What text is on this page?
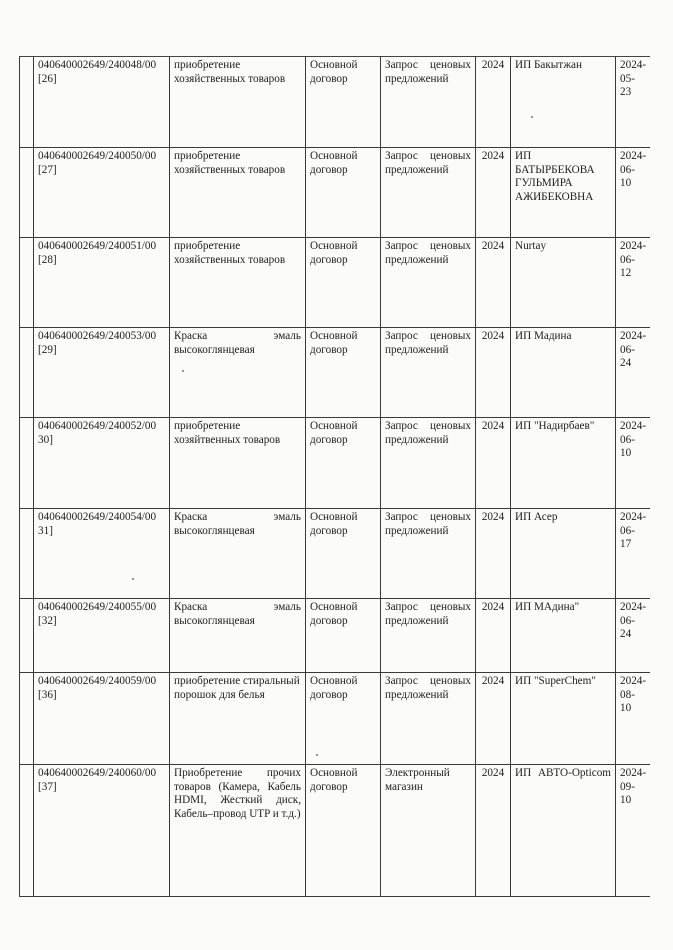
	040640002649/240048/00 [26]	приобретение хозяйственных товаров	Основной договор	Запрос ценовых предложений	2024	ИП Бакытжан	2024-05-23
	040640002649/240050/00 [27]	приобретение хозяйственных товаров	Основной договор	Запрос ценовых предложений	2024	ИП БАТЫРБЕКОВА ГУЛЬМИРА АЖИБЕКОВНА	2024-06-10
	040640002649/240051/00 [28]	приобретение хозяйственных товаров	Основной договор	Запрос ценовых предложений	2024	Nurtay	2024-06-12
	040640002649/240053/00 [29]	Краска эмаль высокоглянцевая	Основной договор	Запрос ценовых предложений	2024	ИП Мадина	2024-06-24
	040640002649/240052/00 30]	приобретение хозяйтвенных товаров	Основной договор	Запрос ценовых предложений	2024	ИП "Надирбаев"	2024-06-10
	040640002649/240054/00 31]	Краска эмаль высокоглянцевая	Основной договор	Запрос ценовых предложений	2024	ИП Асер	2024-06-17
	040640002649/240055/00 [32]	Краска эмаль высокоглянцевая	Основной договор	Запрос ценовых предложений	2024	ИП МАдина"	2024-06-24
	040640002649/240059/00 [36]	приобретение стиральный порошок для белья	Основной договор	Запрос ценовых предложений	2024	ИП "SuperChem"	2024-08-10
	040640002649/240060/00 [37]	Приобретение прочих товаров (Камера, Кабель HDMI, Жесткий диск, Кабель–провод UTP и т.д.)	Основной договор	Электронный магазин	2024	ИП АВТО-Opticom	2024-09-10
